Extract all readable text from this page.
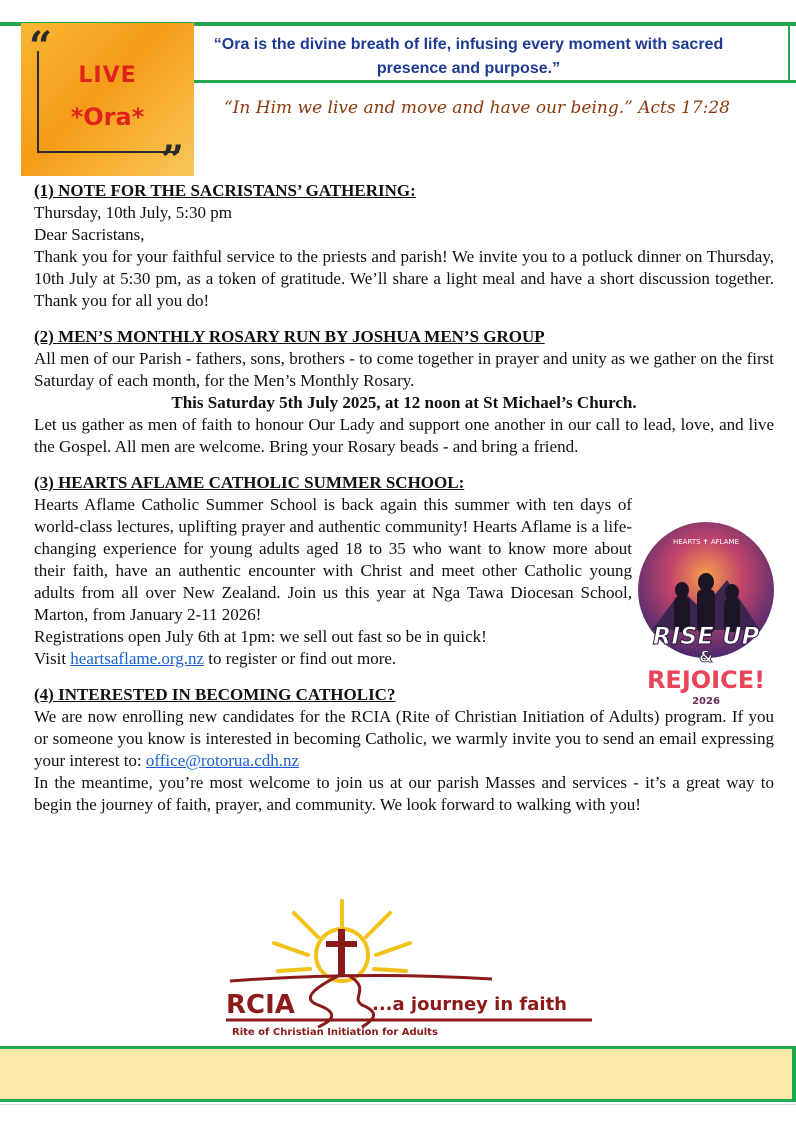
“Ora is the divine breath of life, infusing every moment with sacred presence and purpose.”
“
”
LIVE
*Ora*	“In Him we live and move and have our being.” Acts 17:28

(1) NOTE FOR THE SACRISTANS’ GATHERING:

Thursday, 10th July, 5:30 pm

Dear Sacristans,

Thank you for your faithful service to the priests and parish! We invite you to a potluck dinner on Thursday, 10th July at 5:30 pm, as a token of gratitude. We’ll share a light meal and have a short discussion together. Thank you for all you do!

(2) MEN’S MONTHLY ROSARY RUN BY JOSHUA MEN’S GROUP

All men of our Parish - fathers, sons, brothers - to come together in prayer and unity as we gather on the first Saturday of each month, for the Men’s Monthly Rosary.

This Saturday 5th July 2025, at 12 noon at St Michael’s Church.

Let us gather as men of faith to honour Our Lady and support one another in our call to lead, love, and live the Gospel. All men are welcome. Bring your Rosary beads - and bring a friend.

(3) HEARTS AFLAME CATHOLIC SUMMER SCHOOL:

Hearts Aflame Catholic Summer School is back again this summer with ten days of world-class lectures, uplifting prayer and authentic community! Hearts Aflame is a life-changing experience for young adults aged 18 to 35 who want to know more about their faith, have an authentic encounter with Christ and meet other Catholic young adults from all over New Zealand. Join us this year at Nga Tawa Diocesan School, Marton, from January 2-11 2026!

Registrations open July 6th at 1pm: we sell out fast so be in quick!

Visit heartsaflame.org.nz to register or find out more.

(4) INTERESTED IN BECOMING CATHOLIC?

We are now enrolling new candidates for the RCIA (Rite of Christian Initiation of Adults) program. If you or someone you know is interested in becoming Catholic, we warmly invite you to send an email expressing your interest to: office@rotorua.cdh.nz

In the meantime, you’re most welcome to join us at our parish Masses and services - it’s a great way to begin the journey of faith, prayer, and community. We look forward to walking with you!

HEARTS ✝ AFLAME
RISE UP
&
REJOICE!
2026
RCIA	...a journey in faith
Rite of Christian Initiation for Adults
